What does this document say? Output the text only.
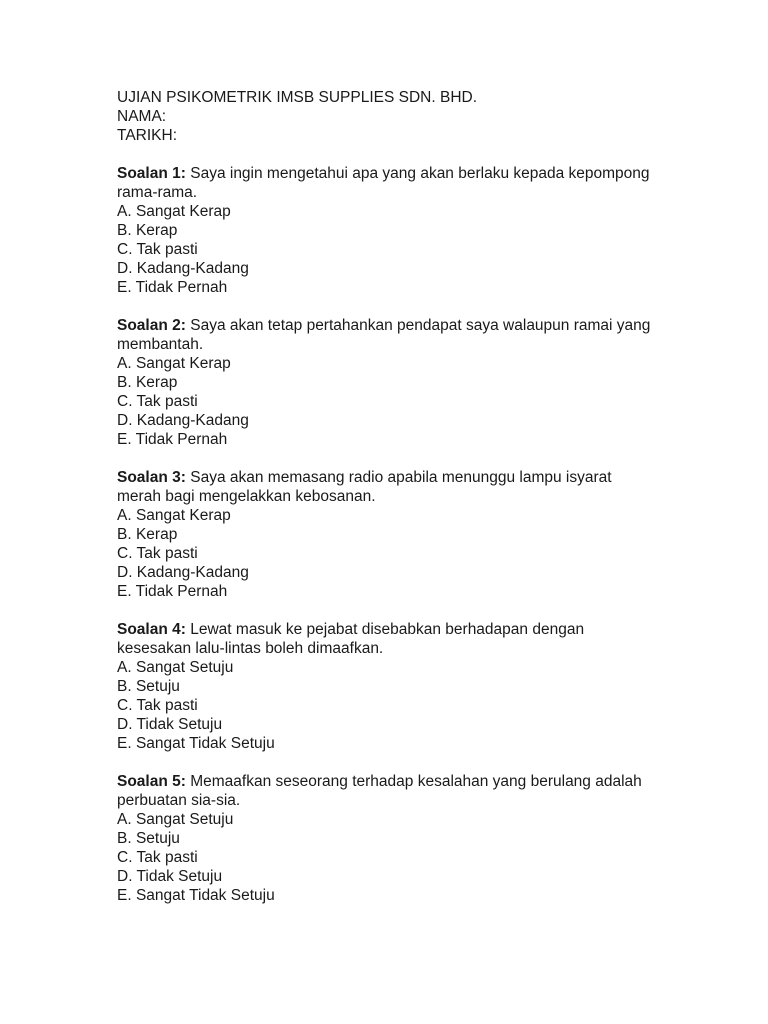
UJIAN PSIKOMETRIK IMSB SUPPLIES SDN. BHD.
NAMA:
TARIKH:
Soalan 1: Saya ingin mengetahui apa yang akan berlaku kepada kepompong rama-rama.
A. Sangat Kerap
B. Kerap
C. Tak pasti
D. Kadang-Kadang
E. Tidak Pernah
Soalan 2: Saya akan tetap pertahankan pendapat saya walaupun ramai yang membantah.
A. Sangat Kerap
B. Kerap
C. Tak pasti
D. Kadang-Kadang
E. Tidak Pernah
Soalan 3: Saya akan memasang radio apabila menunggu lampu isyarat merah bagi mengelakkan kebosanan.
A. Sangat Kerap
B. Kerap
C. Tak pasti
D. Kadang-Kadang
E. Tidak Pernah
Soalan 4: Lewat masuk ke pejabat disebabkan berhadapan dengan kesesakan lalu-lintas boleh dimaafkan.
A. Sangat Setuju
B. Setuju
C. Tak pasti
D. Tidak Setuju
E. Sangat Tidak Setuju
Soalan 5: Memaafkan seseorang terhadap kesalahan yang berulang adalah perbuatan sia-sia.
A. Sangat Setuju
B. Setuju
C. Tak pasti
D. Tidak Setuju
E. Sangat Tidak Setuju
